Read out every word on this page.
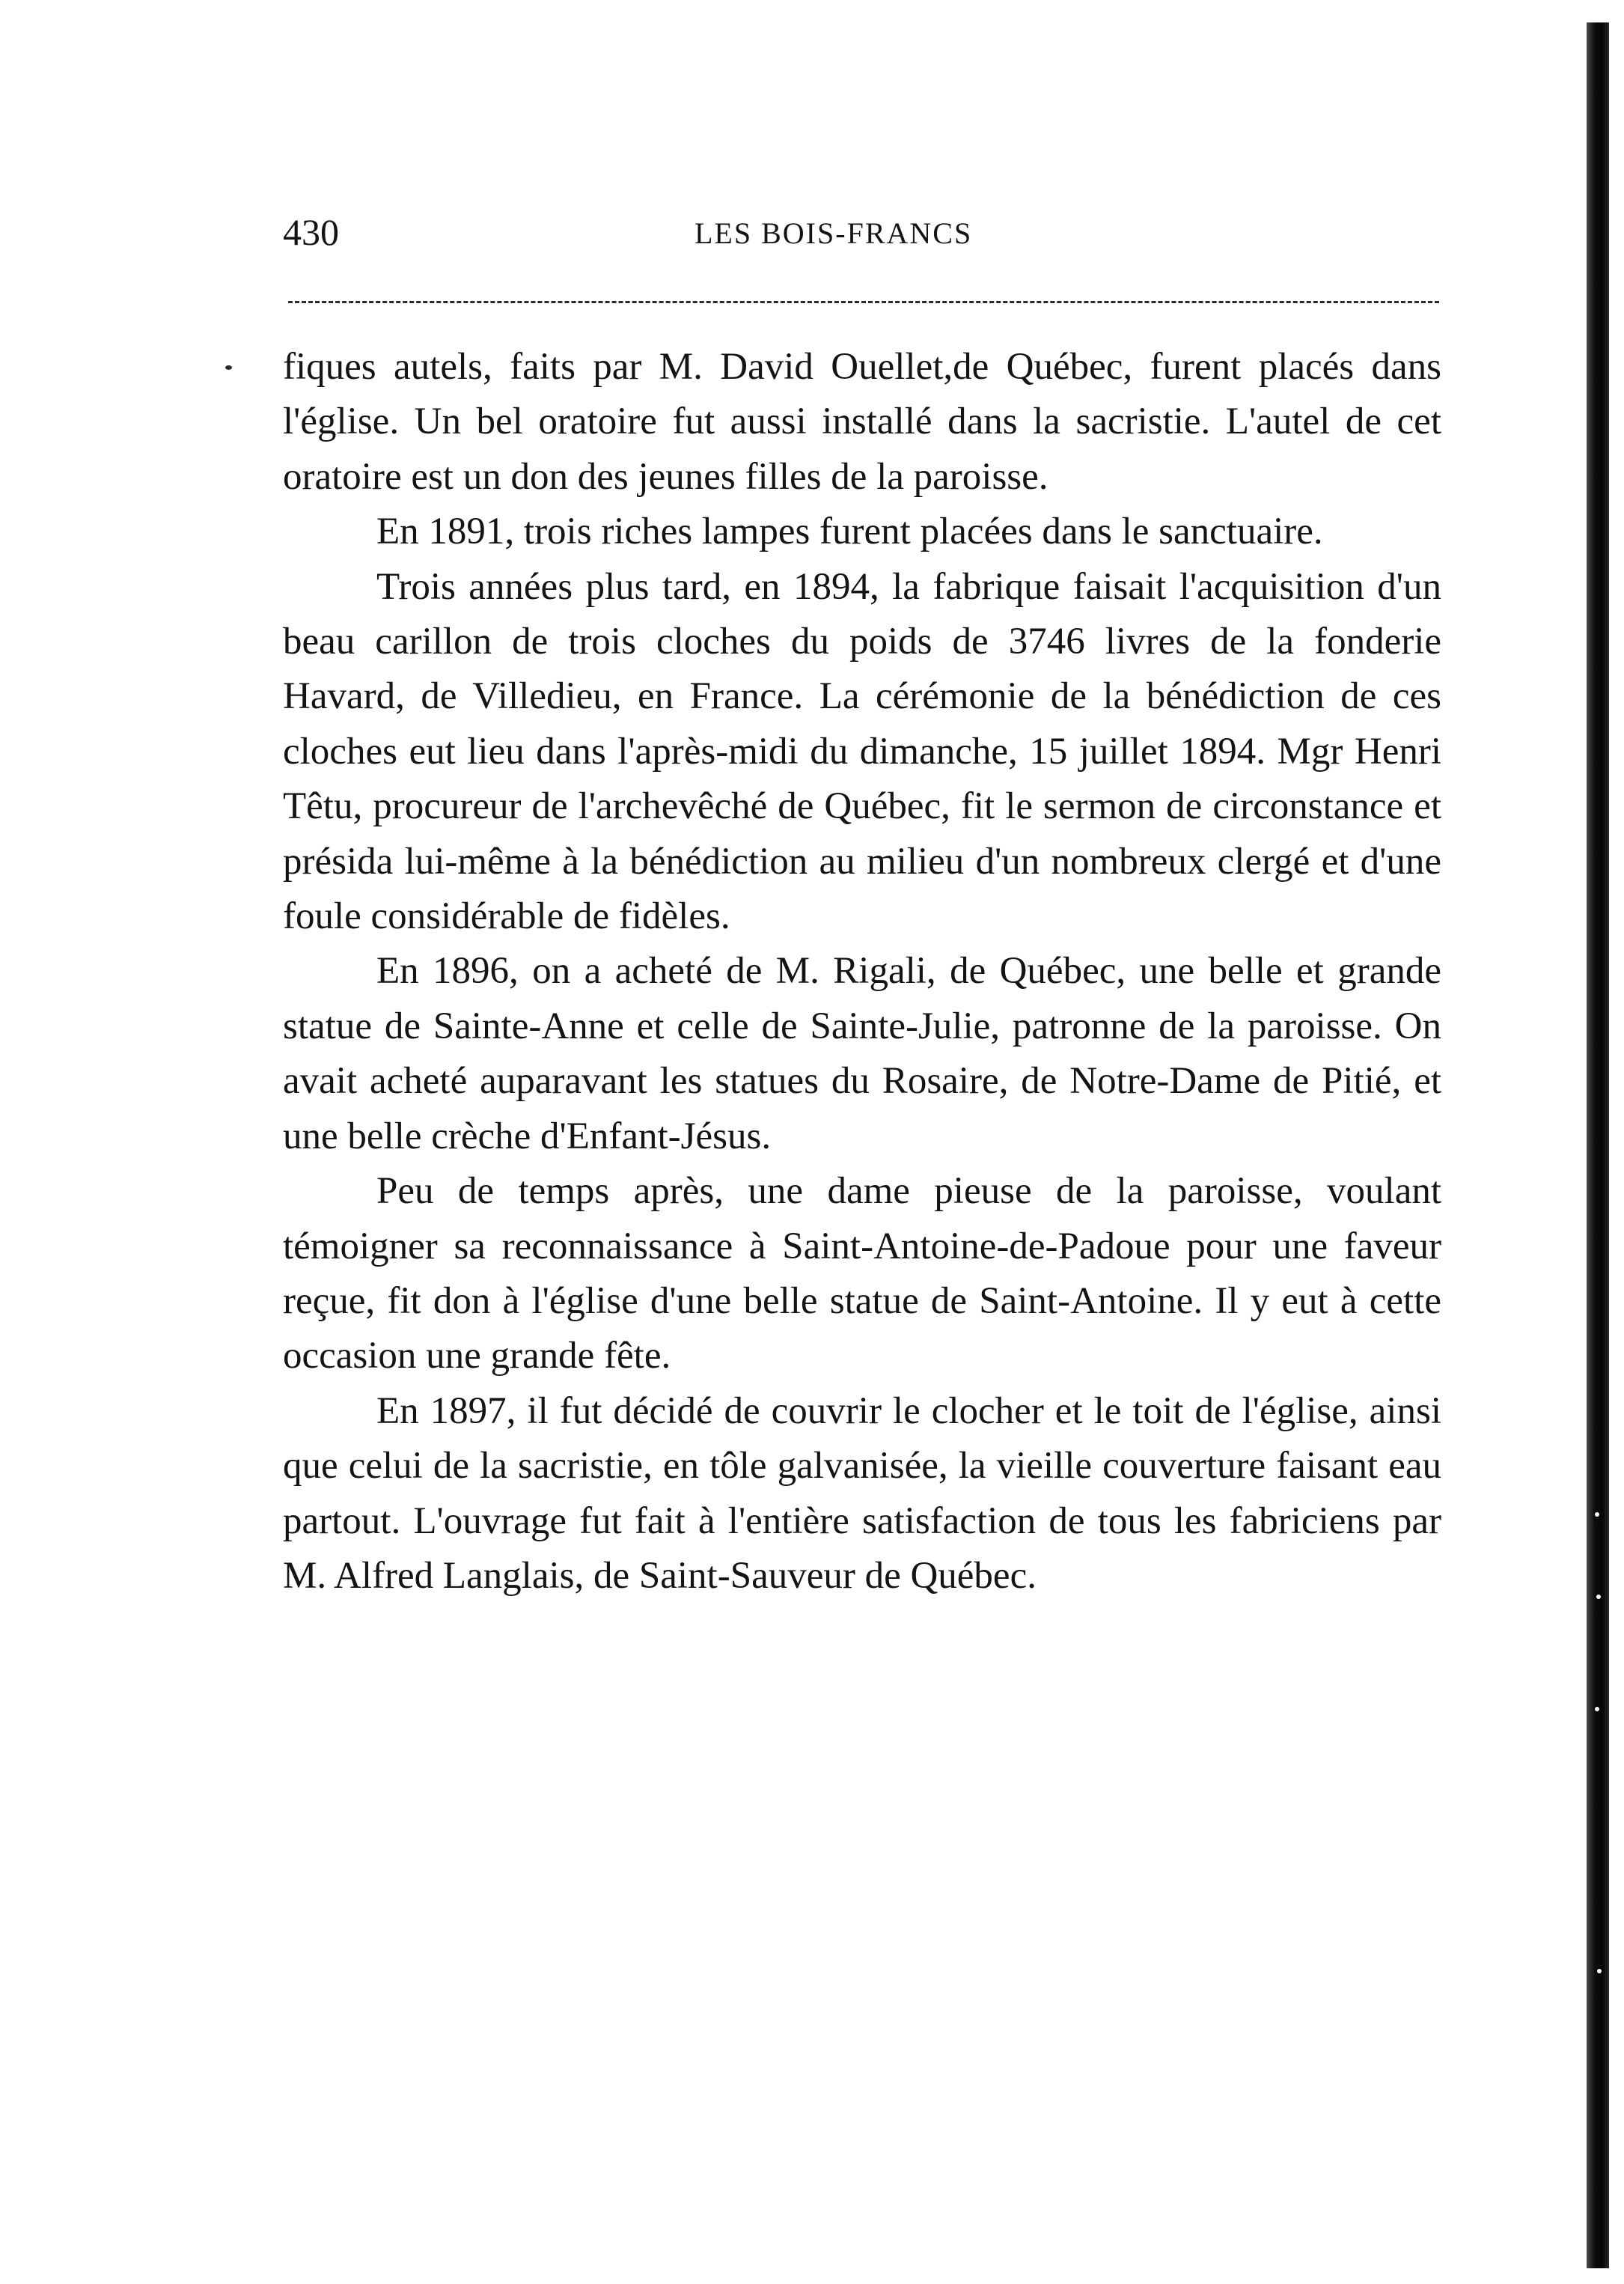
430	LES BOIS-FRANCS

fiques autels, faits par M. David Ouellet,de Québec, furent placés dans l'église. Un bel oratoire fut aussi installé dans la sacristie. L'autel de cet oratoire est un don des jeunes filles de la paroisse.

En 1891, trois riches lampes furent placées dans le sanctuaire.

Trois années plus tard, en 1894, la fabrique faisait l'acquisition d'un beau carillon de trois cloches du poids de 3746 livres de la fonderie Havard, de Villedieu, en France. La cérémonie de la bénédiction de ces cloches eut lieu dans l'après-midi du dimanche, 15 juillet 1894. Mgr Henri Têtu, procureur de l'archevêché de Québec, fit le sermon de circonstance et présida lui-même à la bénédiction au milieu d'un nombreux clergé et d'une foule considérable de fidèles.

En 1896, on a acheté de M. Rigali, de Québec, une belle et grande statue de Sainte-Anne et celle de Sainte-Julie, patronne de la paroisse. On avait acheté auparavant les statues du Rosaire, de Notre-Dame de Pitié, et une belle crèche d'Enfant-Jésus.

Peu de temps après, une dame pieuse de la paroisse, voulant témoigner sa reconnaissance à Saint-Antoine-de-Padoue pour une faveur reçue, fit don à l'église d'une belle statue de Saint-Antoine. Il y eut à cette occasion une grande fête.

En 1897, il fut décidé de couvrir le clocher et le toit de l'église, ainsi que celui de la sacristie, en tôle galvanisée, la vieille couverture faisant eau partout. L'ouvrage fut fait à l'entière satisfaction de tous les fabriciens par M. Alfred Langlais, de Saint-Sauveur de Québec.
